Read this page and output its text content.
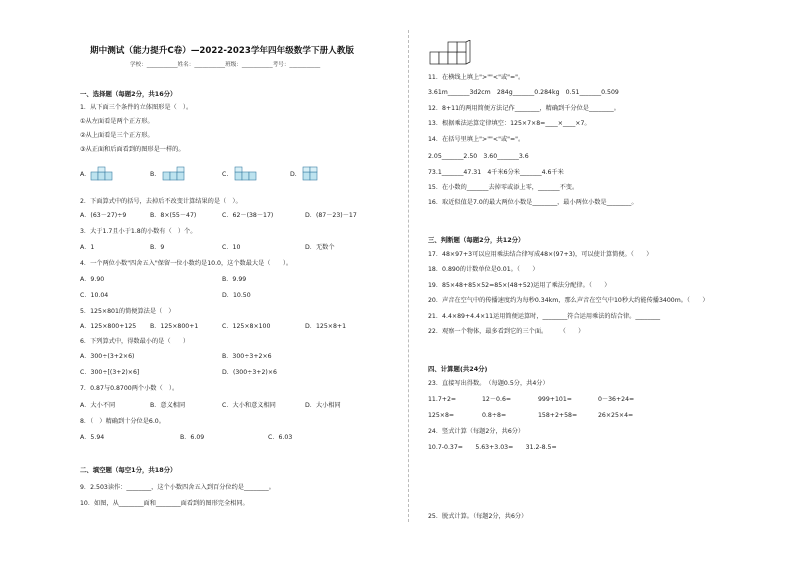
期中测试（能力提升C卷）—2022-2023学年四年级数学下册人教版
学校：___________姓名：___________班级：___________考号：___________
一、选择题（每题2分，共16分）
1．从下面三个条件的立体图形是（　）。
①从左面看是两个正方形。
②从上面看是三个正方形。
③从正面和后面看到的图形是一样的。
A.	B.	C.	D.
2．下面算式中的括号，去掉后不改变计算结果的是（　）。
A．(63－27)÷9	B．8×(55－47)	C．62－(38－17)	D．(87－23)－17
3．大于1.7且小于1.8的小数有（　）个。
A．1	B．9	C．10	D．无数个
4．一个两位小数"四舍五入"保留一位小数约是10.0，这个数最大是（　　）。
A．9.90	B．9.99
C．10.04	D．10.50
5．125×801的简便算法是（　）
A．125×800+125 B．125×800+1	C．125×8×100	D．125×8+1
6．下列算式中，得数最小的是（　　）
A．300÷(3+2×6)	B．300÷3+2×6
C．300÷[(3+2)×6]	D．(300÷3+2)×6
7．0.87与0.8700两个小数（　）。
A．大小不同	B．意义相同	C．大小和意义相同	D．大小相同
8．（　）精确到十分位是6.0。
A．5.94	B．6.09	C．6.03
二、填空题（每空1分，共18分）
9．2.503读作：________，这个小数四舍五入到百分位约是________。
10．如图，从________面和________面看到的图形完全相同。
11．在横线上填上">""<"或"="。
3.61m_______3d2cm　284g_______0.284kg　0.51_______0.509
12．8+11的两用简便方法记作________，精确到千分位是________。
13．根据乘法运算定律填空：125×7×8=____×____×7。
14．在括号里填上">""<"或"="。
2.05_______2.50　3.60_______3.6
73.1_______47.31　4千米6分米_______4.6千米
15．在小数的_______去掉零或添上零，_______不变。
16．取近似值是7.0的最大两位小数是________，最小两位小数是________。
三、判断题（每题2分，共12分）
17．48×97+3可以应用乘法结合律写成48×(97+3)，可以使计算简便。（　　）
18．0.890的计数单位是0.01。（　　）
19．85×48+85×52=85×(48+52)运用了乘法分配律。（　　）
20．声音在空气中的传播速度约为每秒0.34km，那么声音在空气中10秒大约能传播3400m。（　　）
21．4.4×89+4.4×11运用简便运算时，________符合运用乘法的结合律。________
22．观察一个物体，最多看到它的三个面。　　　（　　）
四、计算题(共24分)
23．直接写出得数。　（每题0.5分，共4分）
11.7+2=	12－0.6=	999+101=	0－36+24=
125×8=	0.8÷8=	158+2+58=	26×25×4=
24．竖式计算（每题2分，共6分）
10.7-0.37=　　5.63+3.03=　　31.2-8.5=
25．脱式计算。（每题2分，共6分）
